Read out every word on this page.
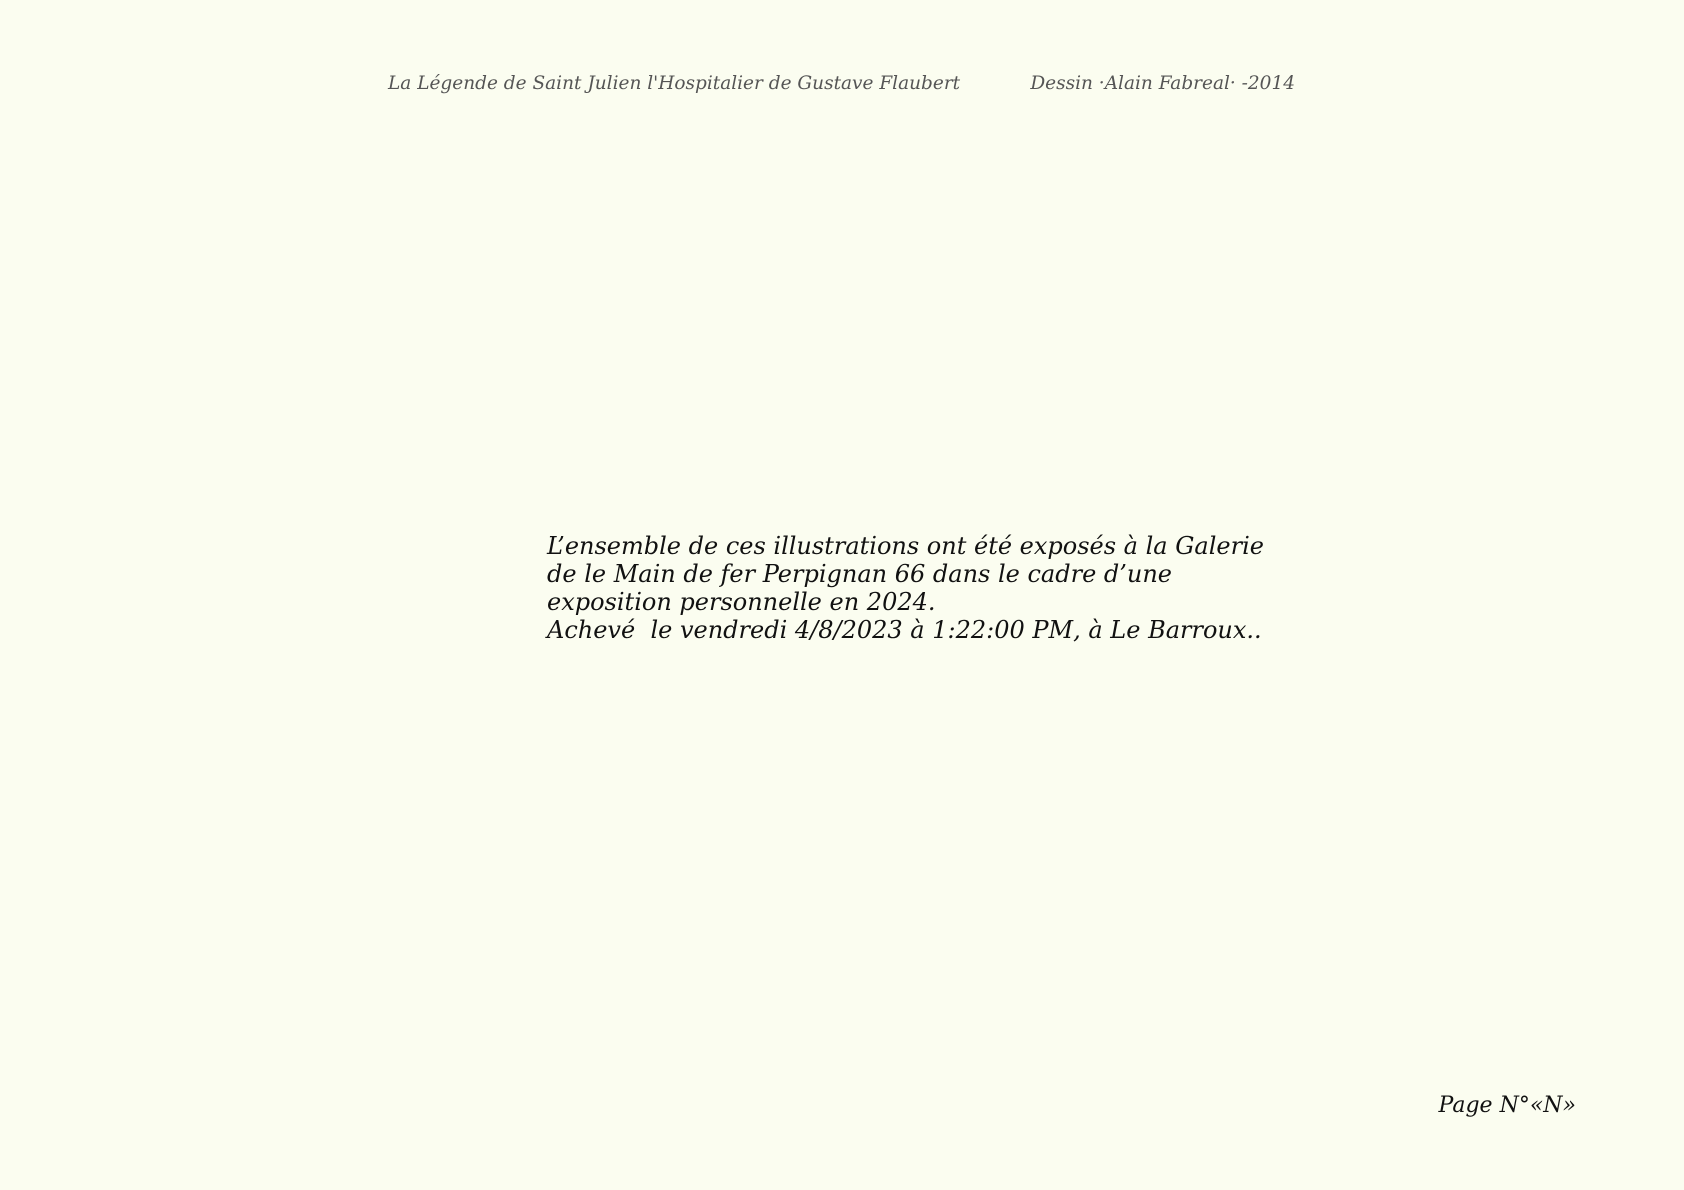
La Légende de Saint Julien l'Hospitalier de Gustave Flaubert	Dessin ·Alain Fabreal· -2014
L’ensemble de ces illustrations ont été exposés à la Galerie
de le Main de fer Perpignan 66 dans le cadre d’une
exposition personnelle en 2024.
Achevé  le vendredi 4/8/2023 à 1:22:00 PM, à Le Barroux..
Page N°«N»
